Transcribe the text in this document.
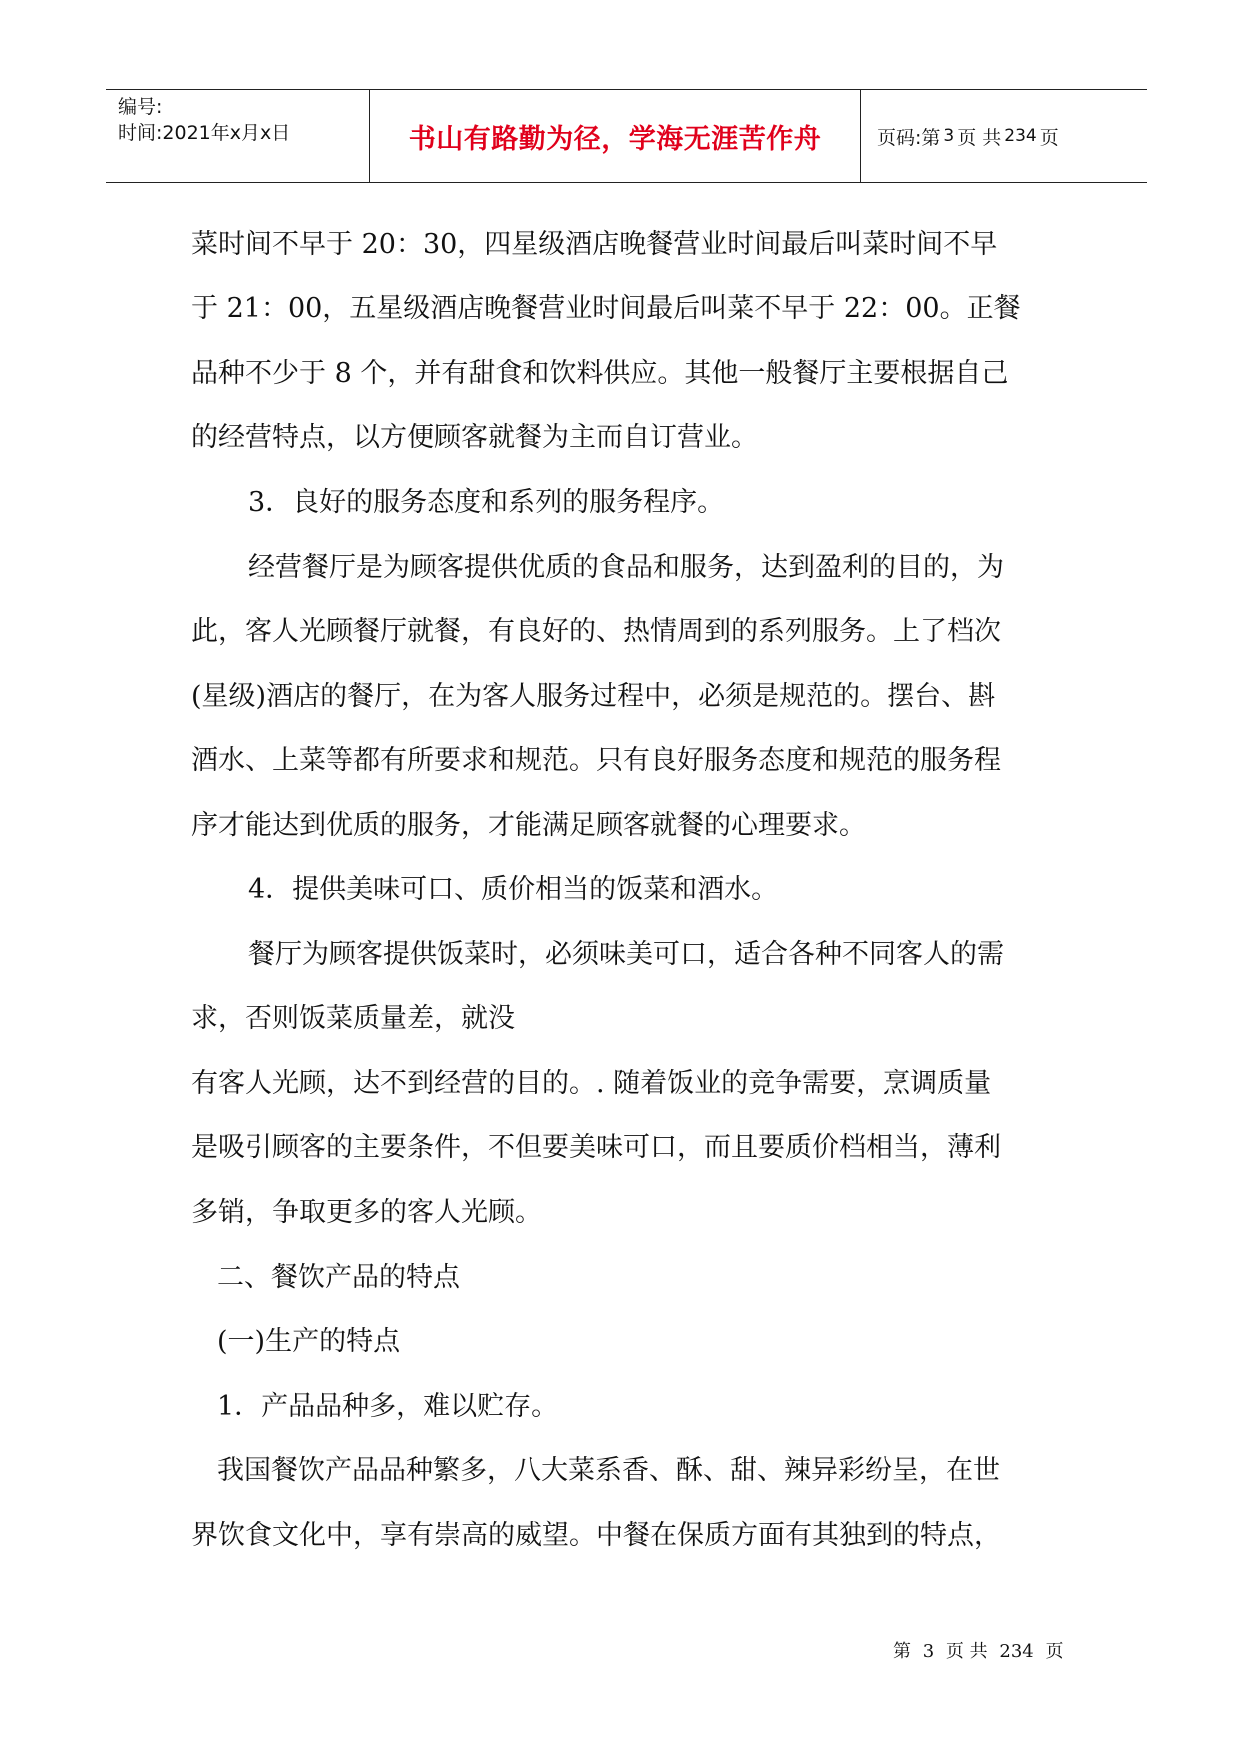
编号:
时间:2021年x月x日	书山有路勤为径，学海无涯苦作舟	页码:第 3 页 共 234 页
菜时间不早于 20：30，四星级酒店晚餐营业时间最后叫菜时间不早
于 21：00，五星级酒店晚餐营业时间最后叫菜不早于 22：00。正餐
品种不少于 8 个，并有甜食和饮料供应。其他一般餐厅主要根据自己
的经营特点，以方便顾客就餐为主而自订营业。
3．良好的服务态度和系列的服务程序。
经营餐厅是为顾客提供优质的食品和服务，达到盈利的目的，为
此，客人光顾餐厅就餐，有良好的、热情周到的系列服务。上了档次
(星级)酒店的餐厅，在为客人服务过程中，必须是规范的。摆台、斟
酒水、上菜等都有所要求和规范。只有良好服务态度和规范的服务程
序才能达到优质的服务，才能满足顾客就餐的心理要求。
4．提供美味可口、质价相当的饭菜和酒水。
餐厅为顾客提供饭菜时，必须味美可口，适合各种不同客人的需
求，否则饭菜质量差，就没
有客人光顾，达不到经营的目的。. 随着饭业的竞争需要，烹调质量
是吸引顾客的主要条件，不但要美味可口，而且要质价档相当，薄利
多销，争取更多的客人光顾。
二、餐饮产品的特点
(一)生产的特点
1．产品品种多，难以贮存。
我国餐饮产品品种繁多，八大菜系香、酥、甜、辣异彩纷呈，在世
界饮食文化中，享有崇高的威望。中餐在保质方面有其独到的特点，
第 3 页 共 234 页
